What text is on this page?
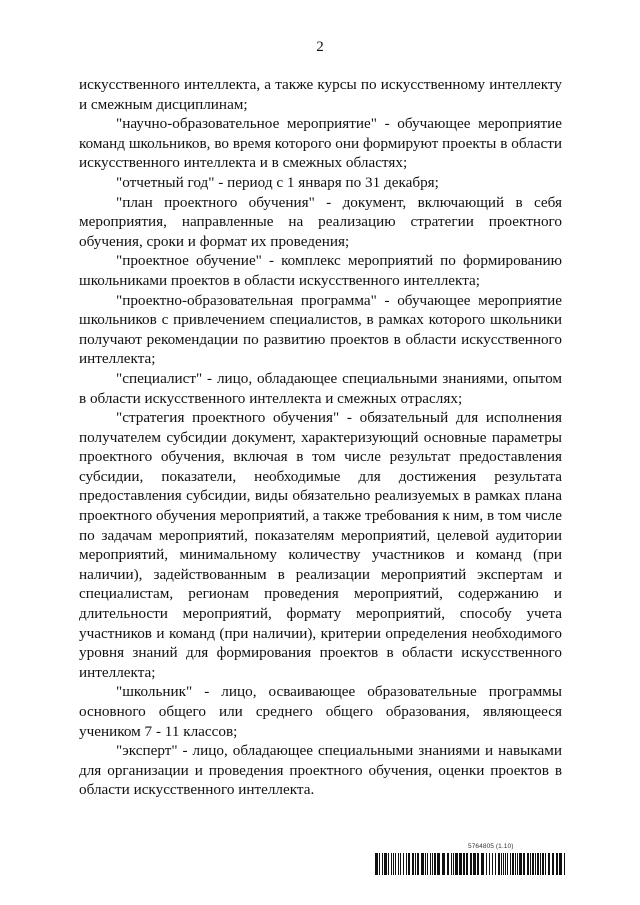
2

искусственного интеллекта, а также курсы по искусственному интеллекту и смежным дисциплинам;

"научно-образовательное мероприятие" - обучающее мероприятие команд школьников, во время которого они формируют проекты в области искусственного интеллекта и в смежных областях;

"отчетный год" - период с 1 января по 31 декабря;

"план проектного обучения" - документ, включающий в себя мероприятия, направленные на реализацию стратегии проектного обучения, сроки и формат их проведения;

"проектное обучение" - комплекс мероприятий по формированию школьниками проектов в области искусственного интеллекта;

"проектно-образовательная программа" - обучающее мероприятие школьников с привлечением специалистов, в рамках которого школьники получают рекомендации по развитию проектов в области искусственного интеллекта;

"специалист" - лицо, обладающее специальными знаниями, опытом в области искусственного интеллекта и смежных отраслях;

"стратегия проектного обучения" - обязательный для исполнения получателем субсидии документ, характеризующий основные параметры проектного обучения, включая в том числе результат предоставления субсидии, показатели, необходимые для достижения результата предоставления субсидии, виды обязательно реализуемых в рамках плана проектного обучения мероприятий, а также требования к ним, в том числе по задачам мероприятий, показателям мероприятий, целевой аудитории мероприятий, минимальному количеству участников и команд (при наличии), задействованным в реализации мероприятий экспертам и специалистам, регионам проведения мероприятий, содержанию и длительности мероприятий, формату мероприятий, способу учета участников и команд (при наличии), критерии определения необходимого уровня знаний для формирования проектов в области искусственного интеллекта;

"школьник" - лицо, осваивающее образовательные программы основного общего или среднего общего образования, являющееся учеником 7 - 11 классов;

"эксперт" - лицо, обладающее специальными знаниями и навыками для организации и проведения проектного обучения, оценки проектов в области искусственного интеллекта.

5764805 (1.10)
